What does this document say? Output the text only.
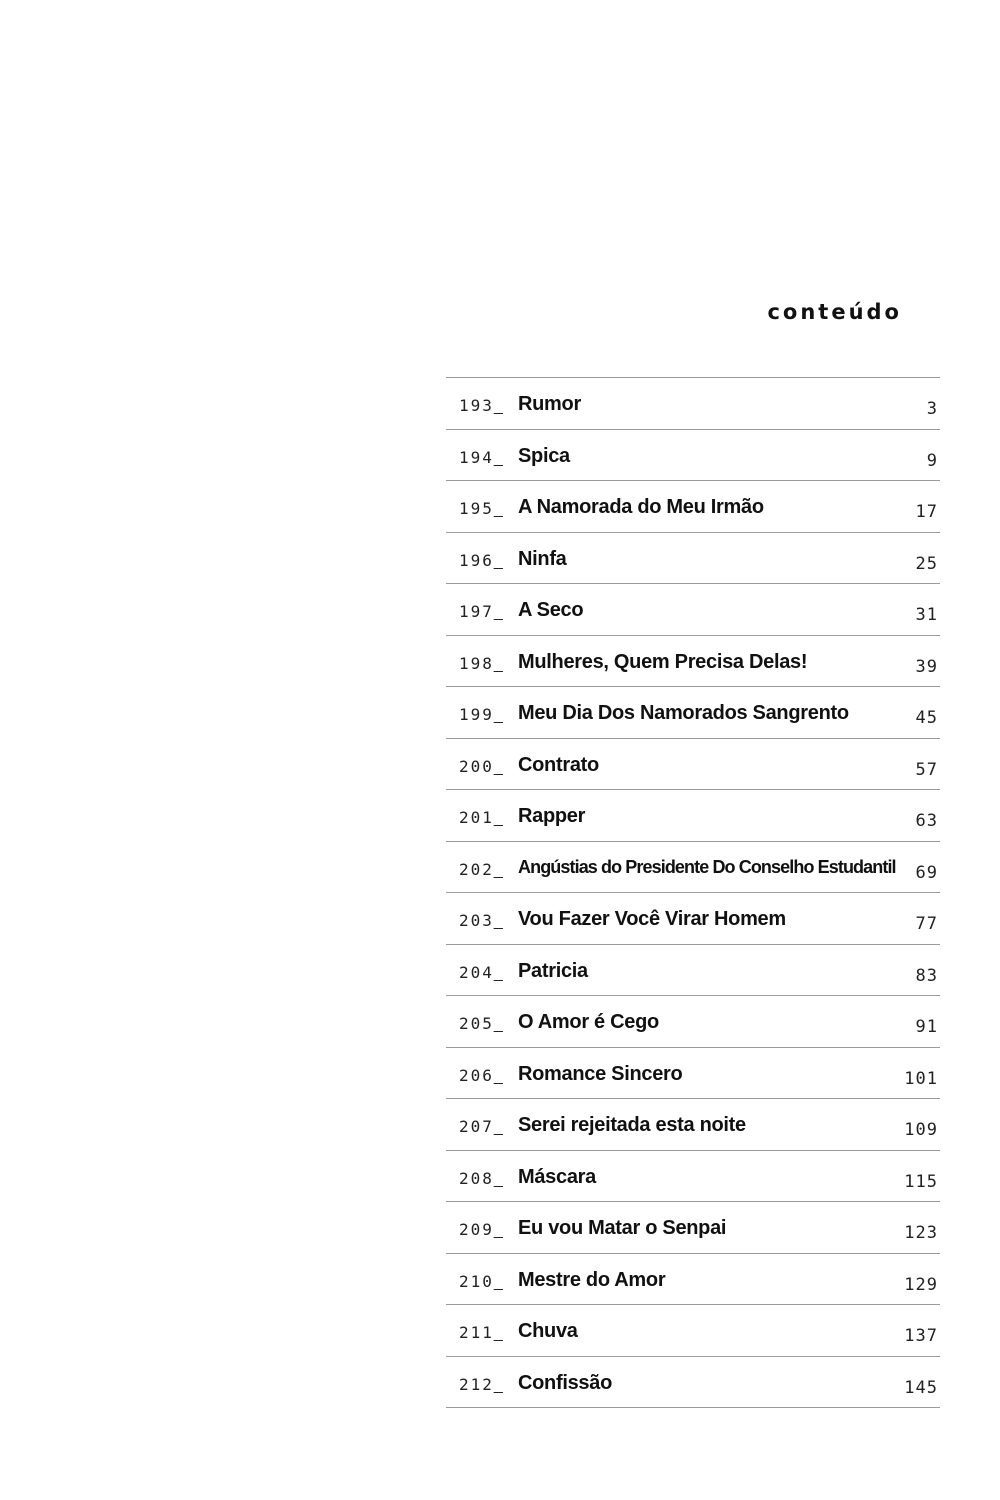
conteúdo
193_ Rumor	3
194_ Spica	9
195_ A Namorada do Meu Irmão	17
196_ Ninfa	25
197_ A Seco	31
198_ Mulheres, Quem Precisa Delas!	39
199_ Meu Dia Dos Namorados Sangrento	45
200_ Contrato	57
201_ Rapper	63
202_ Angústias do Presidente Do Conselho Estudantil 69
203_ Vou Fazer Você Virar Homem	77
204_ Patricia	83
205_ O Amor é Cego	91
206_ Romance Sincero	101
207_ Serei rejeitada esta noite	109
208_ Máscara	115
209_ Eu vou Matar o Senpai	123
210_ Mestre do Amor	129
211_ Chuva	137
212_ Confissão	145
